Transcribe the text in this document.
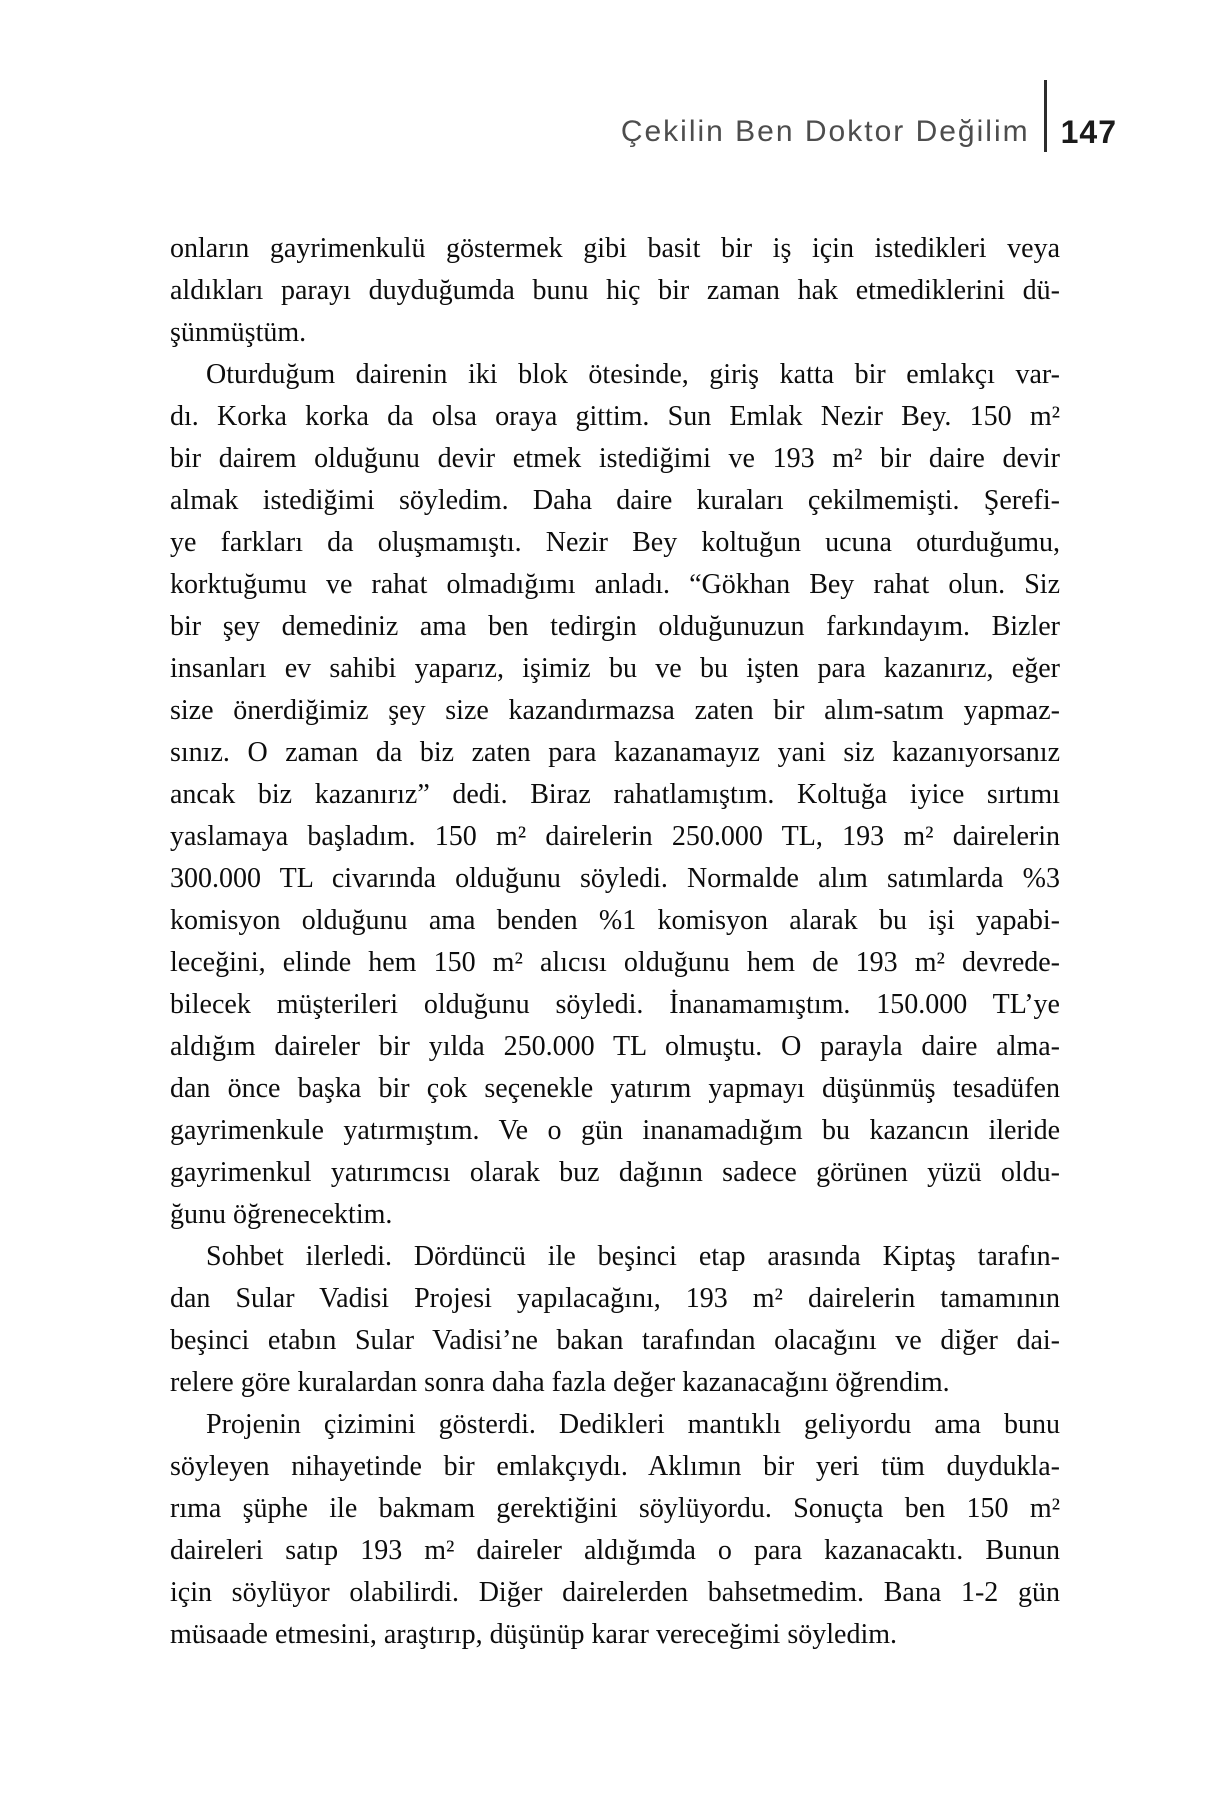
Çekilin Ben Doktor Değilim 147
onların gayrimenkulü göstermek gibi basit bir iş için istedikleri veya
aldıkları parayı duyduğumda bunu hiç bir zaman hak etmediklerini dü-
şünmüştüm.
Oturduğum dairenin iki blok ötesinde, giriş katta bir emlakçı var-
dı. Korka korka da olsa oraya gittim. Sun Emlak Nezir Bey. 150 m²
bir dairem olduğunu devir etmek istediğimi ve 193 m² bir daire devir
almak istediğimi söyledim. Daha daire kuraları çekilmemişti. Şerefi-
ye farkları da oluşmamıştı. Nezir Bey koltuğun ucuna oturduğumu,
korktuğumu ve rahat olmadığımı anladı. “Gökhan Bey rahat olun. Siz
bir şey demediniz ama ben tedirgin olduğunuzun farkındayım. Bizler
insanları ev sahibi yaparız, işimiz bu ve bu işten para kazanırız, eğer
size önerdiğimiz şey size kazandırmazsa zaten bir alım-satım yapmaz-
sınız. O zaman da biz zaten para kazanamayız yani siz kazanıyorsanız
ancak biz kazanırız” dedi. Biraz rahatlamıştım. Koltuğa iyice sırtımı
yaslamaya başladım. 150 m² dairelerin 250.000 TL, 193 m² dairelerin
300.000 TL civarında olduğunu söyledi. Normalde alım satımlarda %3
komisyon olduğunu ama benden %1 komisyon alarak bu işi yapabi-
leceğini, elinde hem 150 m² alıcısı olduğunu hem de 193 m² devrede-
bilecek müşterileri olduğunu söyledi. İnanamamıştım. 150.000 TL’ye
aldığım daireler bir yılda 250.000 TL olmuştu. O parayla daire alma-
dan önce başka bir çok seçenekle yatırım yapmayı düşünmüş tesadüfen
gayrimenkule yatırmıştım. Ve o gün inanamadığım bu kazancın ileride
gayrimenkul yatırımcısı olarak buz dağının sadece görünen yüzü oldu-
ğunu öğrenecektim.
Sohbet ilerledi. Dördüncü ile beşinci etap arasında Kiptaş tarafın-
dan Sular Vadisi Projesi yapılacağını, 193 m² dairelerin tamamının
beşinci etabın Sular Vadisi’ne bakan tarafından olacağını ve diğer dai-
relere göre kuralardan sonra daha fazla değer kazanacağını öğrendim.
Projenin çizimini gösterdi. Dedikleri mantıklı geliyordu ama bunu
söyleyen nihayetinde bir emlakçıydı. Aklımın bir yeri tüm duydukla-
rıma şüphe ile bakmam gerektiğini söylüyordu. Sonuçta ben 150 m²
daireleri satıp 193 m² daireler aldığımda o para kazanacaktı. Bunun
için söylüyor olabilirdi. Diğer dairelerden bahsetmedim. Bana 1-2 gün
müsaade etmesini, araştırıp, düşünüp karar vereceğimi söyledim.
